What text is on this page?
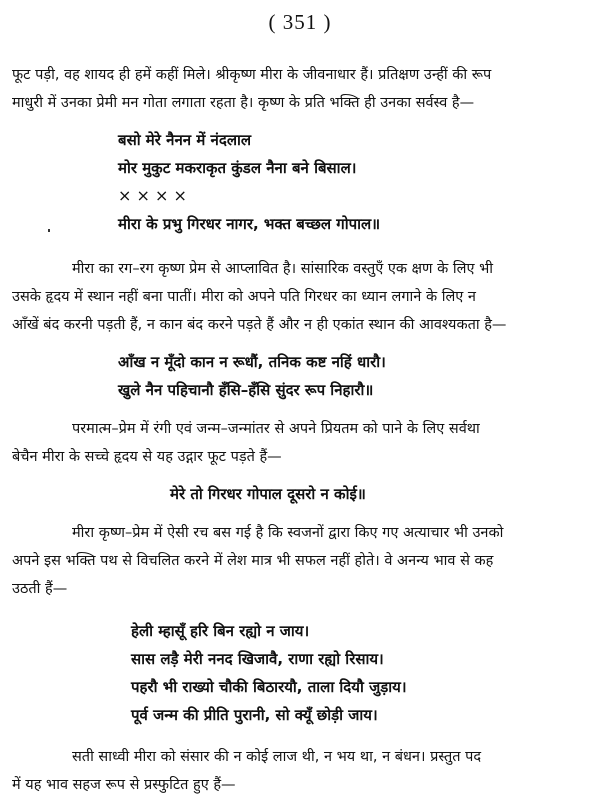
( 351 )
फूट पड़ी, वह शायद ही हमें कहीं मिले। श्रीकृष्ण मीरा के जीवनाधार हैं। प्रतिक्षण उन्हीं की रूप
माधुरी में उनका प्रेमी मन गोता लगाता रहता है। कृष्ण के प्रति भक्ति ही उनका सर्वस्व है—
बसो मेरे नैनन में नंदलाल
मोर मुकुट मकराकृत कुंडल नैना बने बिसाल।
× × × ×
मीरा के प्रभु गिरधर नागर, भक्त बच्छल गोपाल॥
मीरा का रग–रग कृष्ण प्रेम से आप्लावित है। सांसारिक वस्तुएँ एक क्षण के लिए भी
उसके हृदय में स्थान नहीं बना पातीं। मीरा को अपने पति गिरधर का ध्यान लगाने के लिए न
आँखें बंद करनी पड़ती हैं, न कान बंद करने पड़ते हैं और न ही एकांत स्थान की आवश्यकता है—
आँख न मूँदो कान न रूधौं, तनिक कष्ट नहिं धारौ।
खुले नैन पहिचानौ हँसि–हँसि सुंदर रूप निहारौ॥
परमात्म–प्रेम में रंगी एवं जन्म–जन्मांतर से अपने प्रियतम को पाने के लिए सर्वथा
बेचैन मीरा के सच्चे हृदय से यह उद्गार फूट पड़ते हैं—
मेरे तो गिरधर गोपाल दूसरो न कोई॥
मीरा कृष्ण–प्रेम में ऐसी रच बस गई है कि स्वजनों द्वारा किए गए अत्याचार भी उनको
अपने इस भक्ति पथ से विचलित करने में लेश मात्र भी सफल नहीं होते। वे अनन्य भाव से कह
उठती हैं—
हेली म्हासूँ हरि बिन रह्यो न जाय।
सास लड़ै मेरी ननद खिजावै, राणा रह्यो रिसाय।
पहरौ भी राख्यो चौकी बिठारयौ, ताला दियौ जुड़ाय।
पूर्व जन्म की प्रीति पुरानी, सो क्यूँ छोड़ी जाय।
सती साध्वी मीरा को संसार की न कोई लाज थी, न भय था, न बंधन। प्रस्तुत पद
में यह भाव सहज रूप से प्रस्फुटित हुए हैं—
